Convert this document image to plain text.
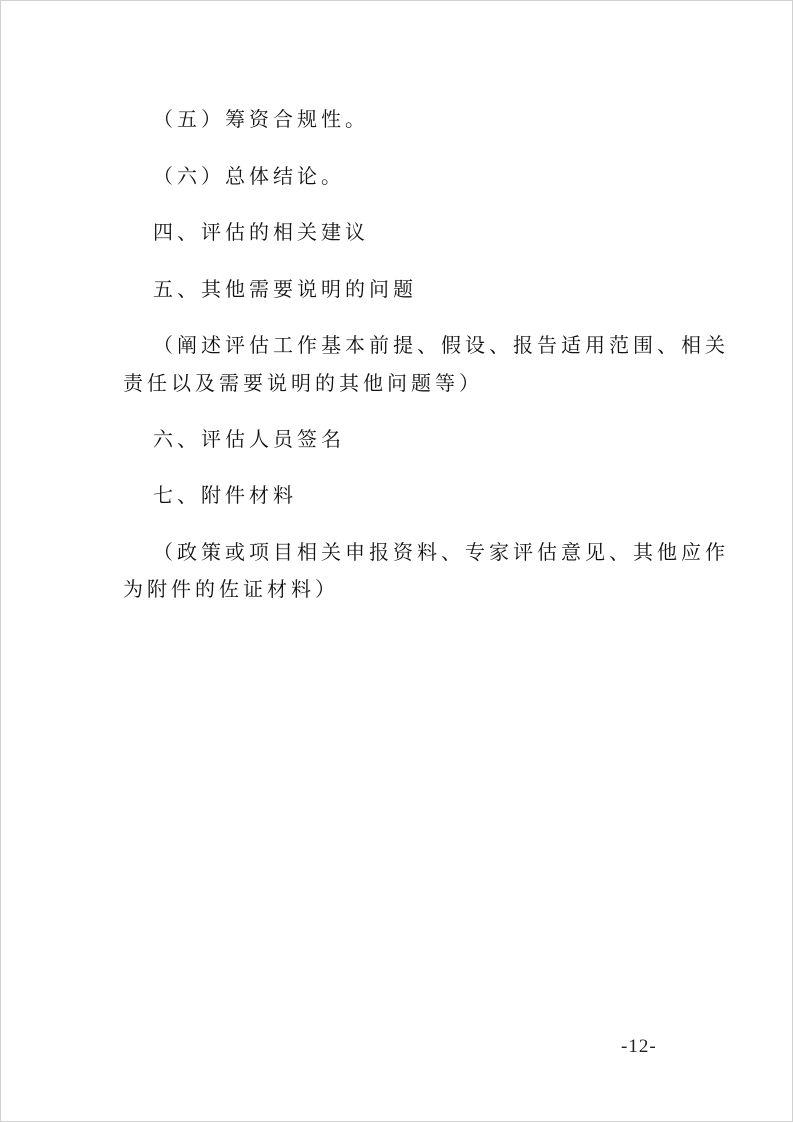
（五）筹资合规性。
（六）总体结论。
四、评估的相关建议
五、其他需要说明的问题
（阐述评估工作基本前提、假设、报告适用范围、相关
责任以及需要说明的其他问题等）
六、评估人员签名
七、附件材料
（政策或项目相关申报资料、专家评估意见、其他应作
为附件的佐证材料）
-12-
